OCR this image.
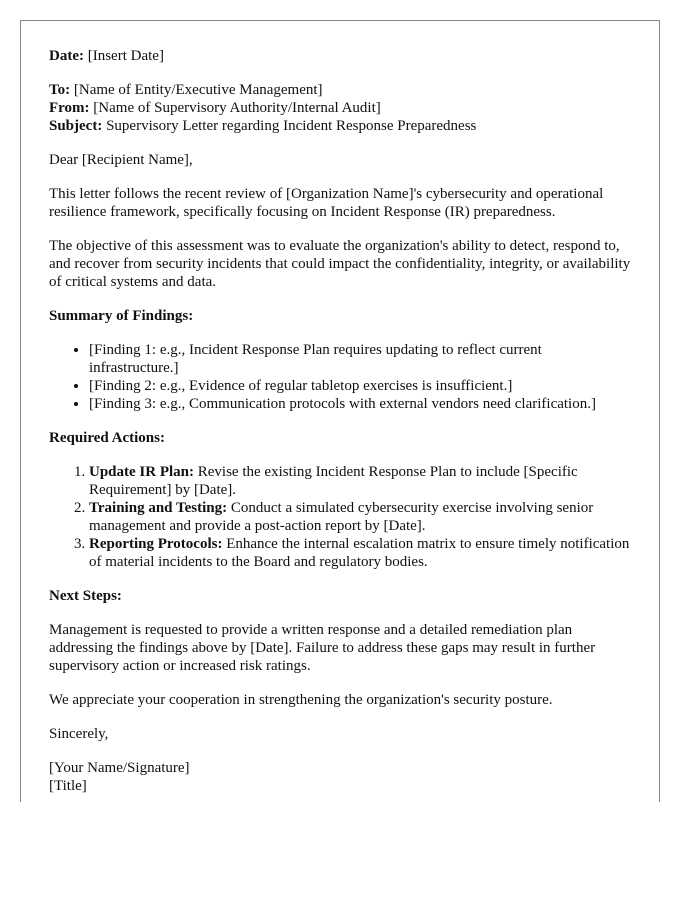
Date: [Insert Date]
To: [Name of Entity/Executive Management]
From: [Name of Supervisory Authority/Internal Audit]
Subject: Supervisory Letter regarding Incident Response Preparedness

Dear [Recipient Name],

This letter follows the recent review of [Organization Name]'s cybersecurity and operational resilience framework, specifically focusing on Incident Response (IR) preparedness.

The objective of this assessment was to evaluate the organization's ability to detect, respond to, and recover from security incidents that could impact the confidentiality, integrity, or availability of critical systems and data.

Summary of Findings:
• [Finding 1: e.g., Incident Response Plan requires updating to reflect current infrastructure.]
• [Finding 2: e.g., Evidence of regular tabletop exercises is insufficient.]
• [Finding 3: e.g., Communication protocols with external vendors need clarification.]
Required Actions:
1. Update IR Plan: Revise the existing Incident Response Plan to include [Specific Requirement] by [Date].
2. Training and Testing: Conduct a simulated cybersecurity exercise involving senior management and provide a post-action report by [Date].
3. Reporting Protocols: Enhance the internal escalation matrix to ensure timely notification of material incidents to the Board and regulatory bodies.
Next Steps:

Management is requested to provide a written response and a detailed remediation plan addressing the findings above by [Date]. Failure to address these gaps may result in further supervisory action or increased risk ratings.

We appreciate your cooperation in strengthening the organization's security posture.

Sincerely,

[Your Name/Signature]
[Title]
